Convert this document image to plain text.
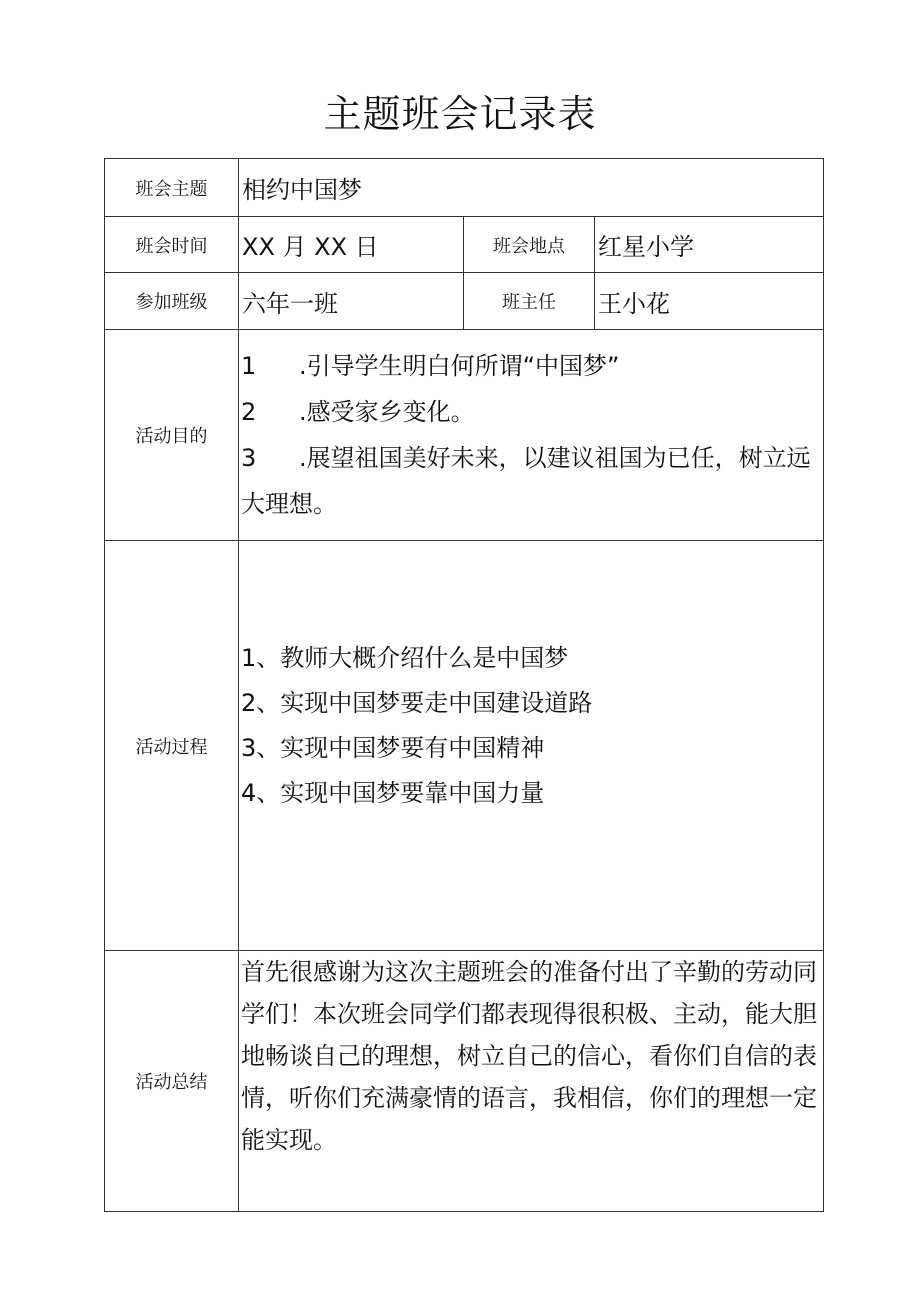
主题班会记录表
班会主题	相约中国梦		
班会时间	XX 月 XX 日	班会地点	红星小学
参加班级	六年一班	班主任	王小花
活动目的	1 .引导学生明白何所谓“中国梦”
2 .感受家乡变化。
3 .展望祖国美好未来，以建议祖国为已任，树立远大理想。		

活动过程	1、教师大概介绍什么是中国梦
2、实现中国梦要走中国建设道路
3、实现中国梦要有中国精神
4、实现中国梦要靠中国力量		

活动总结	首先很感谢为这次主题班会的准备付出了辛勤的劳动同学们！本次班会同学们都表现得很积极、主动，能大胆地畅谈自己的理想，树立自己的信心，看你们自信的表情，听你们充满豪情的语言，我相信，你们的理想一定能实现。		
